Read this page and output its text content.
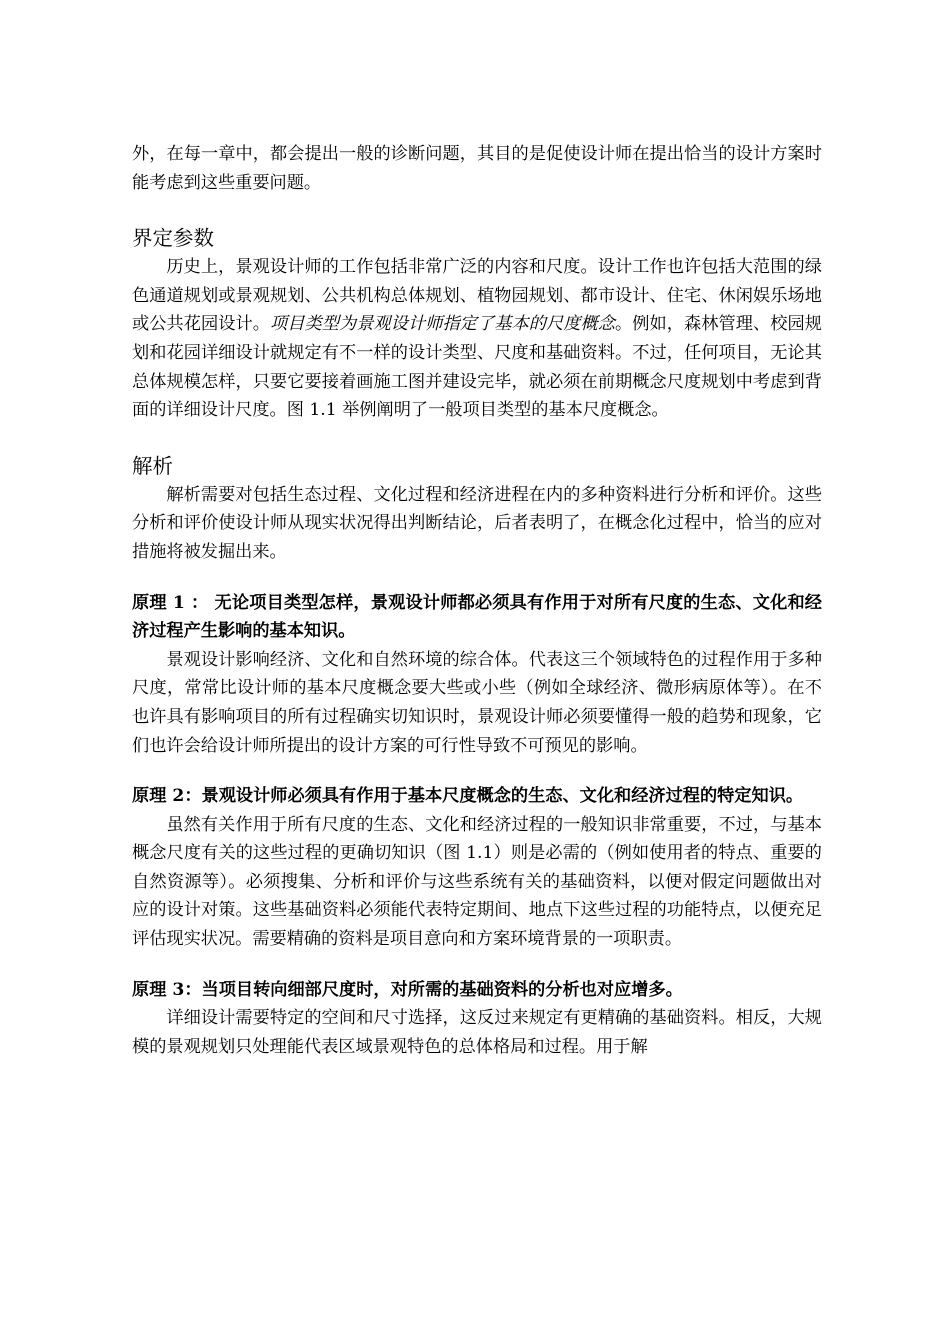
外，在每一章中，都会提出一般的诊断问题，其目的是促使设计师在提出恰当的设计方案时能考虑到这些重要问题。

界定参数

历史上，景观设计师的工作包括非常广泛的内容和尺度。设计工作也许包括大范围的绿色通道规划或景观规划、公共机构总体规划、植物园规划、都市设计、住宅、休闲娱乐场地或公共花园设计。项目类型为景观设计师指定了基本的尺度概念。例如，森林管理、校园规划和花园详细设计就规定有不一样的设计类型、尺度和基础资料。不过，任何项目，无论其总体规模怎样，只要它要接着画施工图并建设完毕，就必须在前期概念尺度规划中考虑到背面的详细设计尺度。图 1.1 举例阐明了一般项目类型的基本尺度概念。

解析

解析需要对包括生态过程、文化过程和经济进程在内的多种资料进行分析和评价。这些分析和评价使设计师从现实状况得出判断结论，后者表明了，在概念化过程中，恰当的应对措施将被发掘出来。

原理 1 ： 无论项目类型怎样，景观设计师都必须具有作用于对所有尺度的生态、文化和经济过程产生影响的基本知识。

景观设计影响经济、文化和自然环境的综合体。代表这三个领域特色的过程作用于多种尺度，常常比设计师的基本尺度概念要大些或小些（例如全球经济、微形病原体等）。在不也许具有影响项目的所有过程确实切知识时，景观设计师必须要懂得一般的趋势和现象，它们也许会给设计师所提出的设计方案的可行性导致不可预见的影响。

原理 2：景观设计师必须具有作用于基本尺度概念的生态、文化和经济过程的特定知识。

虽然有关作用于所有尺度的生态、文化和经济过程的一般知识非常重要，不过，与基本概念尺度有关的这些过程的更确切知识（图 1.1）则是必需的（例如使用者的特点、重要的自然资源等）。必须搜集、分析和评价与这些系统有关的基础资料，以便对假定问题做出对应的设计对策。这些基础资料必须能代表特定期间、地点下这些过程的功能特点，以便充足评估现实状况。需要精确的资料是项目意向和方案环境背景的一项职责。

原理 3：当项目转向细部尺度时，对所需的基础资料的分析也对应增多。

详细设计需要特定的空间和尺寸选择，这反过来规定有更精确的基础资料。相反，大规模的景观规划只处理能代表区域景观特色的总体格局和过程。用于解
